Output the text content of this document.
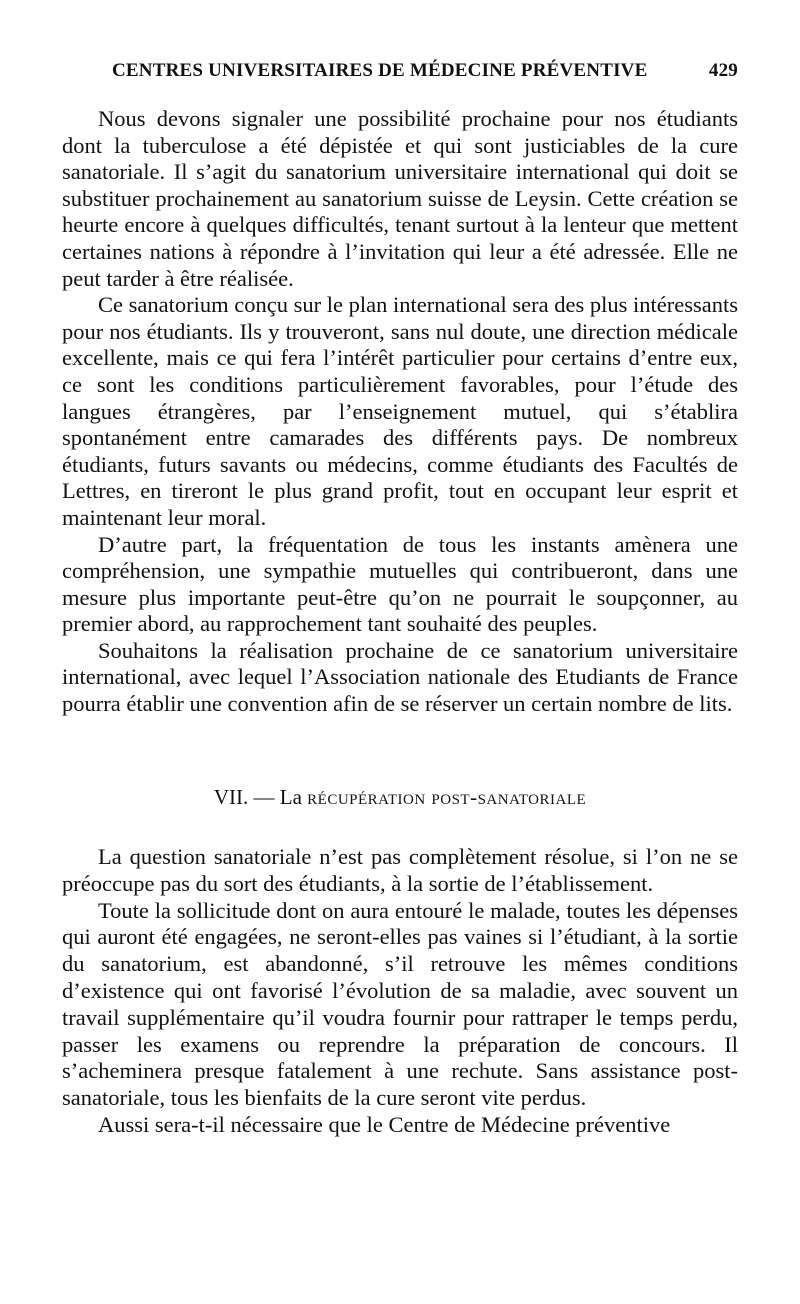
CENTRES UNIVERSITAIRES DE MÉDECINE PRÉVENTIVE	429

Nous devons signaler une possibilité prochaine pour nos étudiants dont la tuberculose a été dépistée et qui sont justiciables de la cure sanatoriale. Il s’agit du sanatorium universitaire international qui doit se substituer prochainement au sanatorium suisse de Leysin. Cette création se heurte encore à quelques difficultés, tenant surtout à la lenteur que mettent certaines nations à répondre à l’invitation qui leur a été adressée. Elle ne peut tarder à être réalisée.

Ce sanatorium conçu sur le plan international sera des plus intéressants pour nos étudiants. Ils y trouveront, sans nul doute, une direction médicale excellente, mais ce qui fera l’intérêt particulier pour certains d’entre eux, ce sont les conditions particulièrement favorables, pour l’étude des langues étrangères, par l’enseignement mutuel, qui s’établira spontanément entre camarades des différents pays. De nombreux étudiants, futurs savants ou médecins, comme étudiants des Facultés de Lettres, en tireront le plus grand profit, tout en occupant leur esprit et maintenant leur moral.

D’autre part, la fréquentation de tous les instants amènera une compréhension, une sympathie mutuelles qui contribueront, dans une mesure plus importante peut-être qu’on ne pourrait le soupçonner, au premier abord, au rapprochement tant souhaité des peuples.

Souhaitons la réalisation prochaine de ce sanatorium universitaire international, avec lequel l’Association nationale des Etudiants de France pourra établir une convention afin de se réserver un certain nombre de lits.

VII. — La récupération post-sanatoriale

La question sanatoriale n’est pas complètement résolue, si l’on ne se préoccupe pas du sort des étudiants, à la sortie de l’établissement.

Toute la sollicitude dont on aura entouré le malade, toutes les dépenses qui auront été engagées, ne seront-elles pas vaines si l’étudiant, à la sortie du sanatorium, est abandonné, s’il retrouve les mêmes conditions d’existence qui ont favorisé l’évolution de sa maladie, avec souvent un travail supplémentaire qu’il voudra fournir pour rattraper le temps perdu, passer les examens ou reprendre la préparation de concours. Il s’acheminera presque fatalement à une rechute. Sans assistance post-sanatoriale, tous les bienfaits de la cure seront vite perdus.

Aussi sera-t-il nécessaire que le Centre de Médecine préventive
